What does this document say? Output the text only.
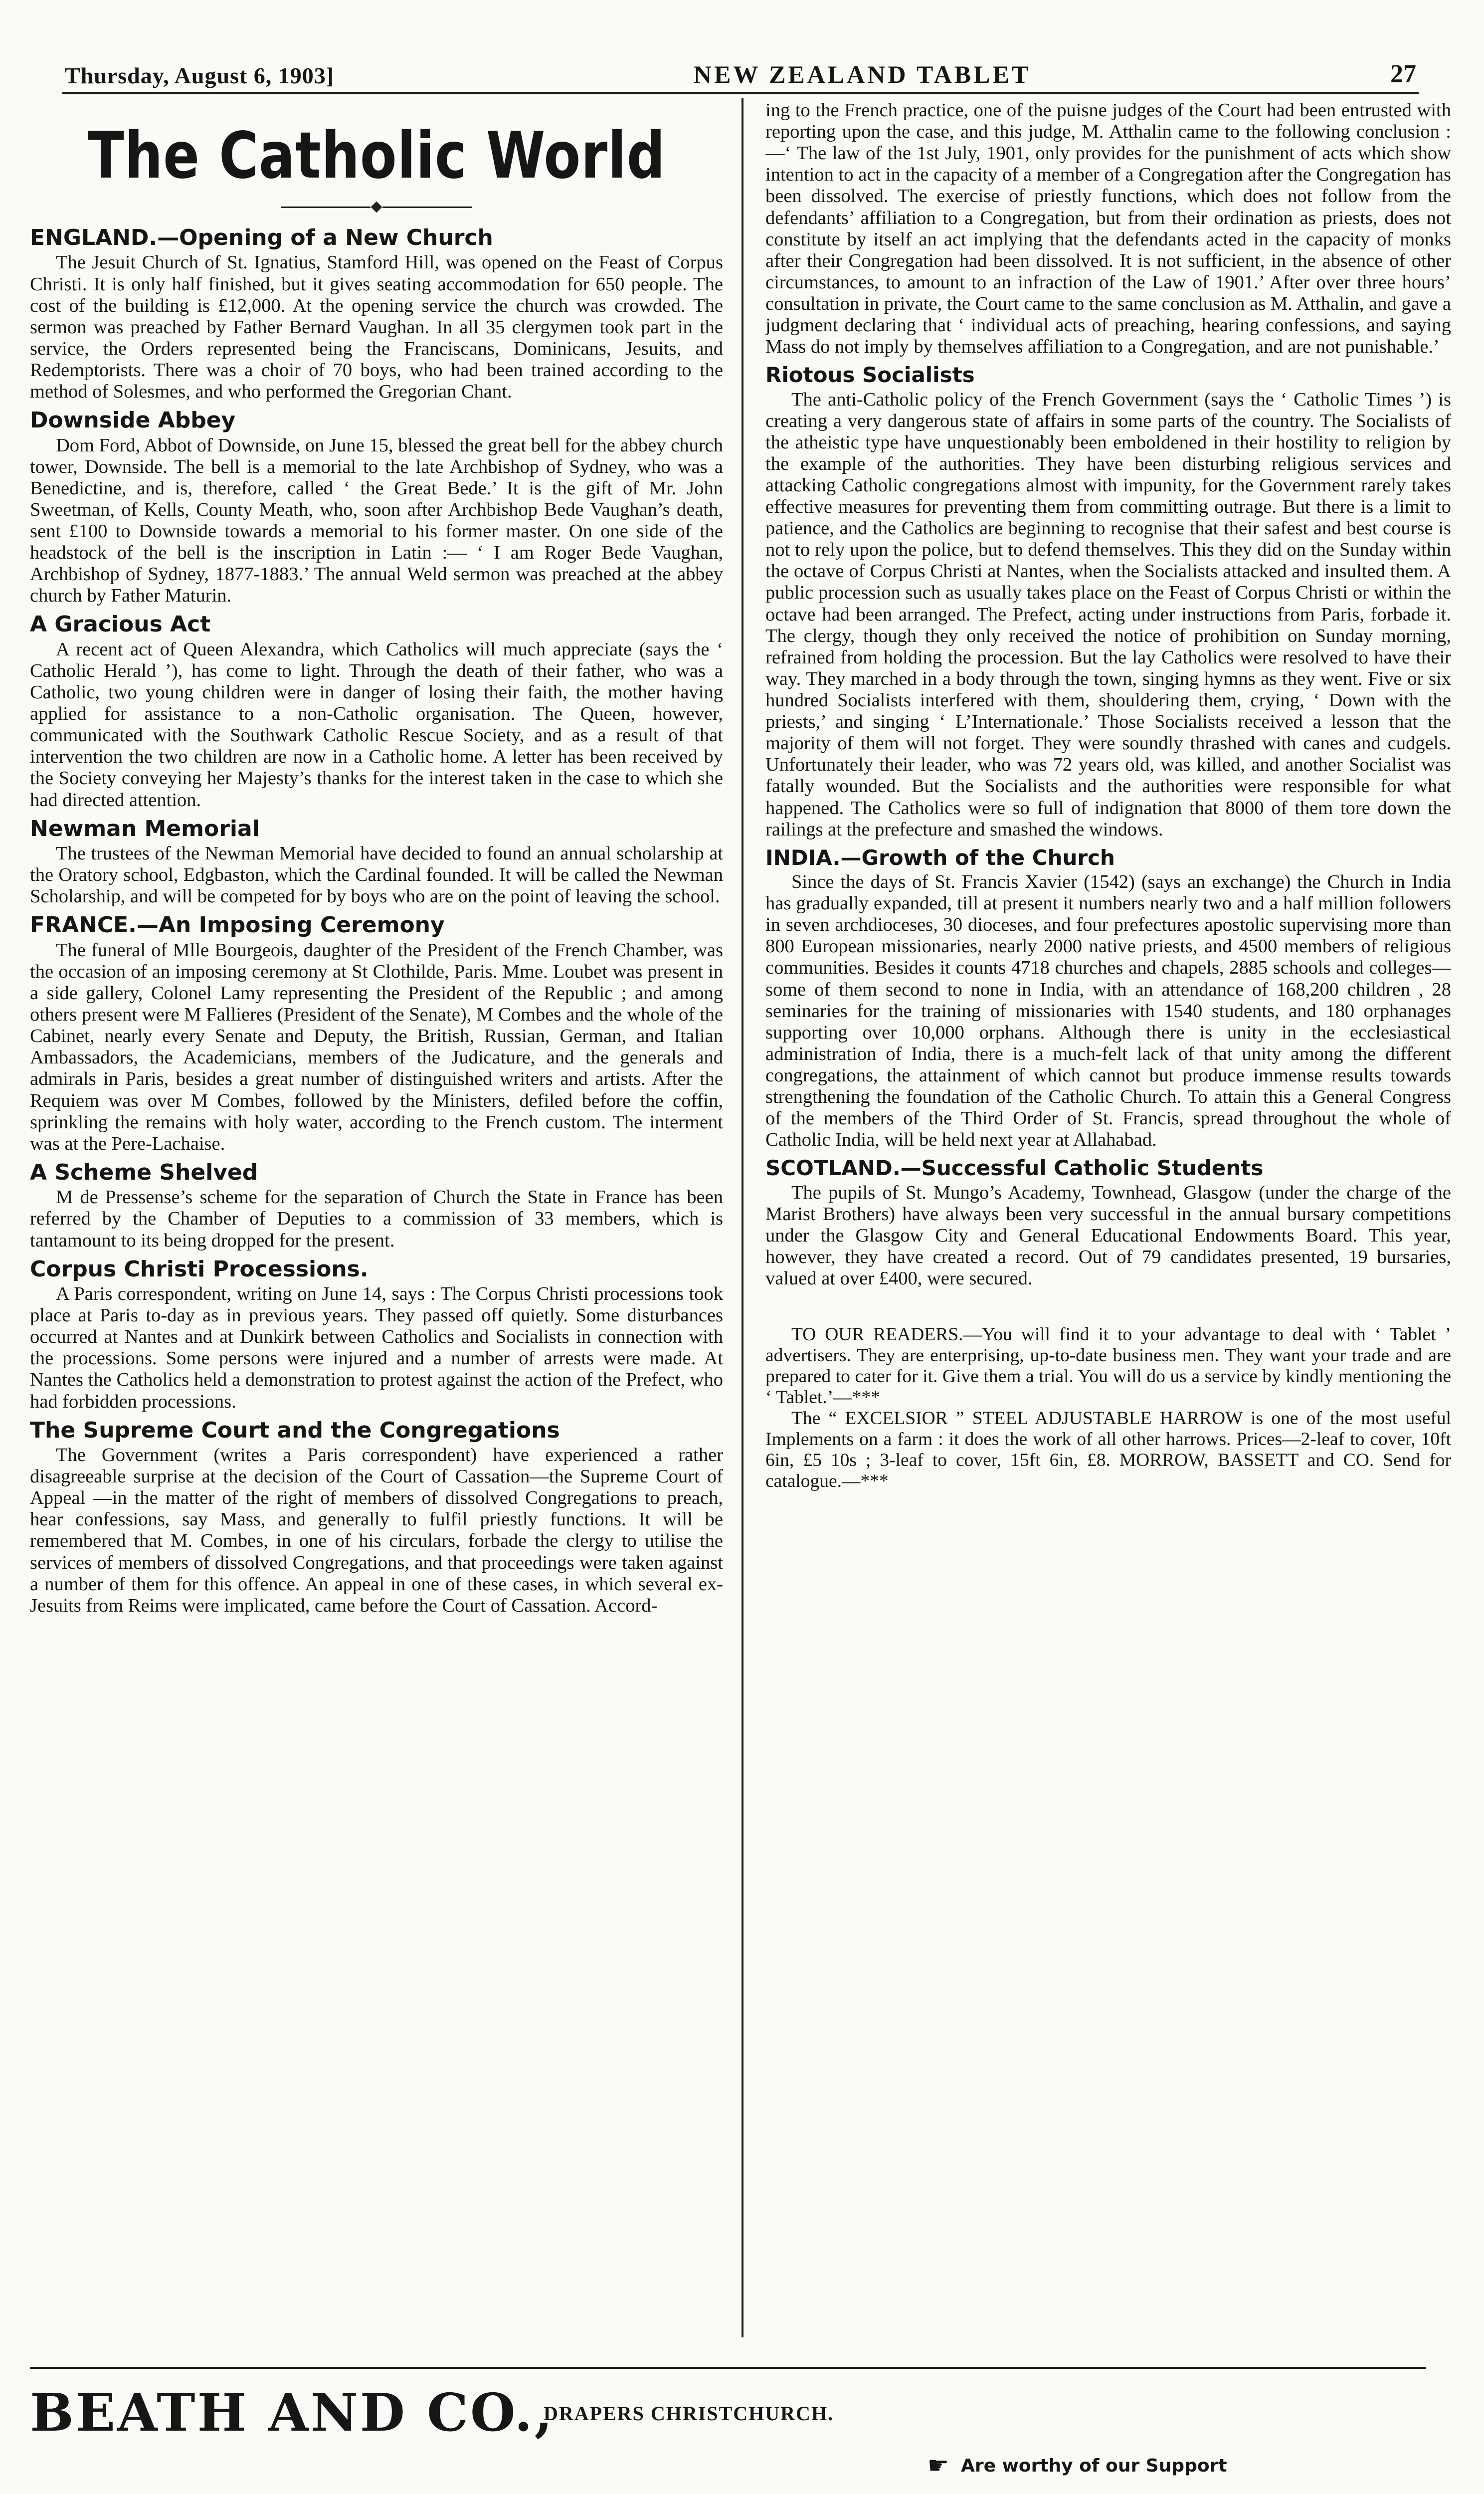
Thursday, August 6, 1903]	NEW ZEALAND TABLET	27
The Catholic World
ENGLAND.—Opening of a New Church

The Jesuit Church of St. Ignatius, Stamford Hill, was opened on the Feast of Corpus Christi. It is only half finished, but it gives seating accommodation for 650 people. The cost of the building is £12,000. At the opening service the church was crowded. The sermon was preached by Father Bernard Vaughan. In all 35 clergymen took part in the service, the Orders represented being the Franciscans, Dominicans, Jesuits, and Redemptorists. There was a choir of 70 boys, who had been trained according to the method of Solesmes, and who performed the Gregorian Chant.

Downside Abbey

Dom Ford, Abbot of Downside, on June 15, blessed the great bell for the abbey church tower, Downside. The bell is a memorial to the late Archbishop of Sydney, who was a Benedictine, and is, therefore, called ‘ the Great Bede.’ It is the gift of Mr. John Sweetman, of Kells, County Meath, who, soon after Archbishop Bede Vaughan’s death, sent £100 to Downside towards a memorial to his former master. On one side of the headstock of the bell is the inscription in Latin :— ‘ I am Roger Bede Vaughan, Archbishop of Sydney, 1877-1883.’ The annual Weld sermon was preached at the abbey church by Father Maturin.

A Gracious Act

A recent act of Queen Alexandra, which Catholics will much appreciate (says the ‘ Catholic Herald ’), has come to light. Through the death of their father, who was a Catholic, two young children were in danger of losing their faith, the mother having applied for assistance to a non-Catholic organisation. The Queen, however, communicated with the Southwark Catholic Rescue Society, and as a result of that intervention the two children are now in a Catholic home. A letter has been received by the Society conveying her Majesty’s thanks for the interest taken in the case to which she had directed attention.

Newman Memorial

The trustees of the Newman Memorial have decided to found an annual scholarship at the Oratory school, Edgbaston, which the Cardinal founded. It will be called the Newman Scholarship, and will be competed for by boys who are on the point of leaving the school.

FRANCE.—An Imposing Ceremony

The funeral of Mlle Bourgeois, daughter of the President of the French Chamber, was the occasion of an imposing ceremony at St Clothilde, Paris. Mme. Loubet was present in a side gallery, Colonel Lamy representing the President of the Republic ; and among others present were M Fallieres (President of the Senate), M Combes and the whole of the Cabinet, nearly every Senate and Deputy, the British, Russian, German, and Italian Ambassadors, the Academicians, members of the Judicature, and the generals and admirals in Paris, besides a great number of distinguished writers and artists. After the Requiem was over M Combes, followed by the Ministers, defiled before the coffin, sprinkling the remains with holy water, according to the French custom. The interment was at the Pere-Lachaise.

A Scheme Shelved

M de Pressense’s scheme for the separation of Church the State in France has been referred by the Chamber of Deputies to a commission of 33 members, which is tantamount to its being dropped for the present.

Corpus Christi Processions.

A Paris correspondent, writing on June 14, says : The Corpus Christi processions took place at Paris to-day as in previous years. They passed off quietly. Some disturbances occurred at Nantes and at Dunkirk between Catholics and Socialists in connection with the processions. Some persons were injured and a number of arrests were made. At Nantes the Catholics held a demonstration to protest against the action of the Prefect, who had forbidden processions.

The Supreme Court and the Congregations

The Government (writes a Paris correspondent) have experienced a rather disagreeable surprise at the decision of the Court of Cassation—the Supreme Court of Appeal —in the matter of the right of members of dissolved Congregations to preach, hear confessions, say Mass, and generally to fulfil priestly functions. It will be remembered that M. Combes, in one of his circulars, forbade the clergy to utilise the services of members of dissolved Congregations, and that proceedings were taken against a number of them for this offence. An appeal in one of these cases, in which several ex-Jesuits from Reims were implicated, came before the Court of Cassation. Accord-

ing to the French practice, one of the puisne judges of the Court had been entrusted with reporting upon the case, and this judge, M. Atthalin came to the following conclusion :—‘ The law of the 1st July, 1901, only provides for the punishment of acts which show intention to act in the capacity of a member of a Congregation after the Congregation has been dissolved. The exercise of priestly functions, which does not follow from the defendants’ affiliation to a Congregation, but from their ordination as priests, does not constitute by itself an act implying that the defendants acted in the capacity of monks after their Congregation had been dissolved. It is not sufficient, in the absence of other circumstances, to amount to an infraction of the Law of 1901.’ After over three hours’ consultation in private, the Court came to the same conclusion as M. Atthalin, and gave a judgment declaring that ‘ individual acts of preaching, hearing confessions, and saying Mass do not imply by themselves affiliation to a Congregation, and are not punishable.’

Riotous Socialists

The anti-Catholic policy of the French Government (says the ‘ Catholic Times ’) is creating a very dangerous state of affairs in some parts of the country. The Socialists of the atheistic type have unquestionably been emboldened in their hostility to religion by the example of the authorities. They have been disturbing religious services and attacking Catholic congregations almost with impunity, for the Government rarely takes effective measures for preventing them from committing outrage. But there is a limit to patience, and the Catholics are beginning to recognise that their safest and best course is not to rely upon the police, but to defend themselves. This they did on the Sunday within the octave of Corpus Christi at Nantes, when the Socialists attacked and insulted them. A public procession such as usually takes place on the Feast of Corpus Christi or within the octave had been arranged. The Prefect, acting under instructions from Paris, forbade it. The clergy, though they only received the notice of prohibition on Sunday morning, refrained from holding the procession. But the lay Catholics were resolved to have their way. They marched in a body through the town, singing hymns as they went. Five or six hundred Socialists interfered with them, shouldering them, crying, ‘ Down with the priests,’ and singing ‘ L’Internationale.’ Those Socialists received a lesson that the majority of them will not forget. They were soundly thrashed with canes and cudgels. Unfortunately their leader, who was 72 years old, was killed, and another Socialist was fatally wounded. But the Socialists and the authorities were responsible for what happened. The Catholics were so full of indignation that 8000 of them tore down the railings at the prefecture and smashed the windows.

INDIA.—Growth of the Church

Since the days of St. Francis Xavier (1542) (says an exchange) the Church in India has gradually expanded, till at present it numbers nearly two and a half million followers in seven archdioceses, 30 dioceses, and four prefectures apostolic supervising more than 800 European missionaries, nearly 2000 native priests, and 4500 members of religious communities. Besides it counts 4718 churches and chapels, 2885 schools and colleges—some of them second to none in India, with an attendance of 168,200 children , 28 seminaries for the training of missionaries with 1540 students, and 180 orphanages supporting over 10,000 orphans. Although there is unity in the ecclesiastical administration of India, there is a much-felt lack of that unity among the different congregations, the attainment of which cannot but produce immense results towards strengthening the foundation of the Catholic Church. To attain this a General Congress of the members of the Third Order of St. Francis, spread throughout the whole of Catholic India, will be held next year at Allahabad.

SCOTLAND.—Successful Catholic Students

The pupils of St. Mungo’s Academy, Townhead, Glasgow (under the charge of the Marist Brothers) have always been very successful in the annual bursary competitions under the Glasgow City and General Educational Endowments Board. This year, however, they have created a record. Out of 79 candidates presented, 19 bursaries, valued at over £400, were secured.

TO OUR READERS.—You will find it to your advantage to deal with ‘ Tablet ’ advertisers. They are enterprising, up-to-date business men. They want your trade and are prepared to cater for it. Give them a trial. You will do us a service by kindly mentioning the ‘ Tablet.’—***

The “ EXCELSIOR ” STEEL ADJUSTABLE HARROW is one of the most useful Implements on a farm : it does the work of all other harrows. Prices—2-leaf to cover, 10ft 6in, £5 10s ; 3-leaf to cover, 15ft 6in, £8. MORROW, BASSETT and CO. Send for catalogue.—***

BEATH AND CO.,
DRAPERS CHRISTCHURCH.
☛ Are worthy of our Support
